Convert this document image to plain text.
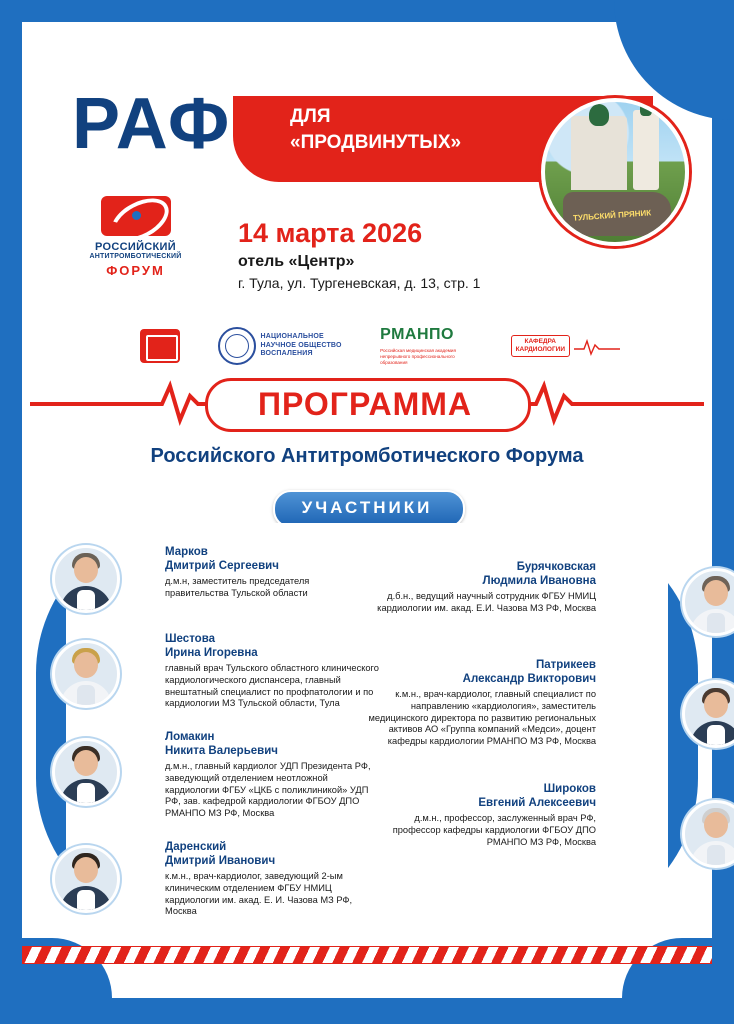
РАФ	ДЛЯ
«ПРОДВИНУТЫХ»
ТУЛЬСКИЙ ПРЯНИК
РОССИЙСКИЙ
АНТИТРОМБОТИЧЕСКИЙ
ФОРУМ
14 марта 2026
отель «Центр»
г. Тула, ул. Тургеневская, д. 13, стр. 1
НАЦИОНАЛЬНОЕ
НАУЧНОЕ ОБЩЕСТВО
ВОСПАЛЕНИЯ
РМАНПО
Российская медицинская академия непрерывного профессионального образования
КАФЕДРА
КАРДИОЛОГИИ
ПРОГРАММА
Российского Антитромботического Форума
УЧАСТНИКИ
Марков
Дмитрий Сергеевич
д.м.н, заместитель председателя правительства Тульской области
Шестова
Ирина Игоревна
главный врач Тульского областного клинического кардиологического диспансера, главный внештатный специалист по профпатологии и по кардиологии МЗ Тульской области, Тула
Ломакин
Никита Валерьевич
д.м.н., главный кардиолог УДП Президента РФ, заведующий отделением неотложной кардиологии ФГБУ «ЦКБ с поликлиникой» УДП РФ, зав. кафедрой кардиологии ФГБОУ ДПО РМАНПО МЗ РФ, Москва
Даренский
Дмитрий Иванович
к.м.н., врач-кардиолог, заведующий 2-ым клиническим отделением ФГБУ НМИЦ кардиологии им. акад. Е. И. Чазова МЗ РФ, Москва
Бурячковская
Людмила Ивановна
д.б.н., ведущий научный сотрудник ФГБУ НМИЦ кардиологии им. акад. Е.И. Чазова МЗ РФ, Москва
Патрикеев
Александр Викторович
к.м.н., врач-кардиолог, главный специалист по направлению «кардиология», заместитель медицинского директора по развитию региональных активов АО «Группа компаний «Медси», доцент кафедры кардиологии РМАНПО МЗ РФ, Москва
Широков
Евгений Алексеевич
д.м.н., профессор, заслуженный врач РФ, профессор кафедры кардиологии ФГБОУ ДПО РМАНПО МЗ РФ, Москва
